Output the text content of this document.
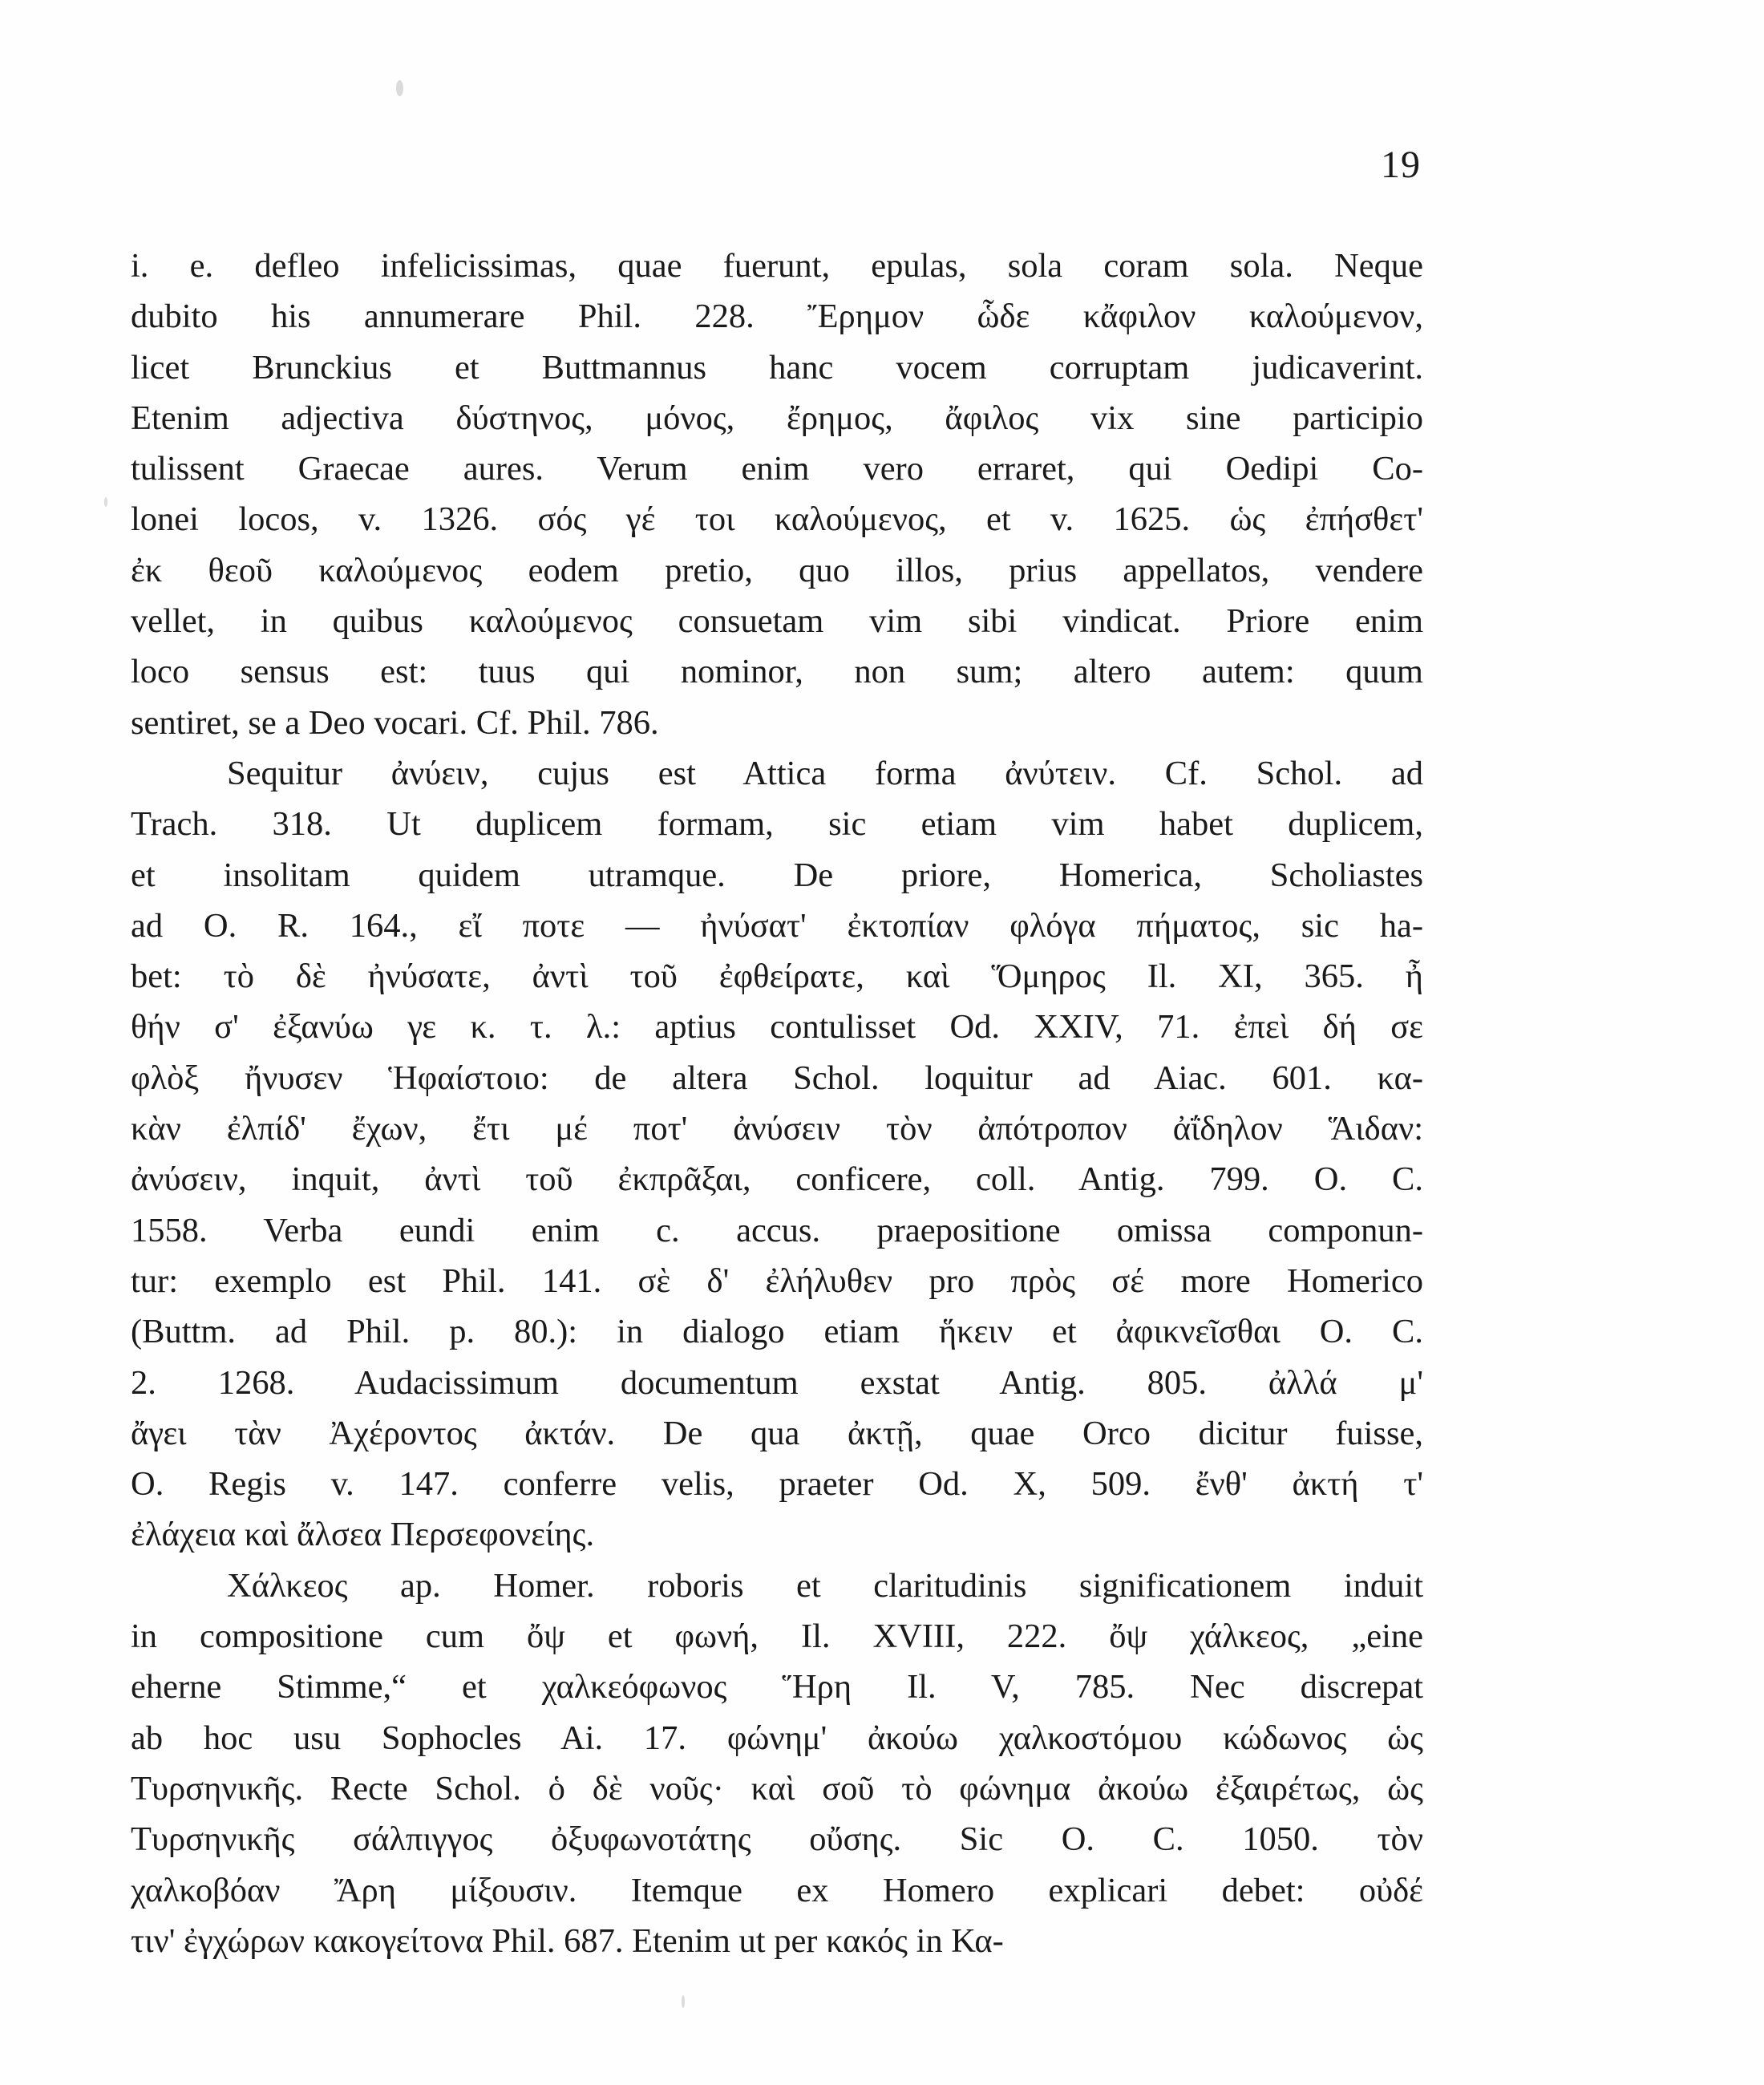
19
i. e. defleo infelicissimas, quae fuerunt, epulas, sola coram sola. Neque
dubito his annumerare Phil. 228. Ἔρημον ὧδε κἄφιλον καλούμενον,
licet Brunckius et Buttmannus hanc vocem corruptam judicaverint.
Etenim adjectiva δύστηνος, μόνος, ἔρημος, ἄφιλος vix sine participio
tulissent Graecae aures. Verum enim vero erraret, qui Oedipi Co-
lonei locos, v. 1326. σός γέ τοι καλούμενος, et v. 1625. ὡς ἐπήσθετ'
ἐκ θεοῦ καλούμενος eodem pretio, quo illos, prius appellatos, vendere
vellet, in quibus καλούμενος consuetam vim sibi vindicat. Priore enim
loco sensus est: tuus qui nominor, non sum; altero autem: quum
sentiret, se a Deo vocari. Cf. Phil. 786.
Sequitur ἀνύειν, cujus est Attica forma ἀνύτειν. Cf. Schol. ad
Trach. 318. Ut duplicem formam, sic etiam vim habet duplicem,
et insolitam quidem utramque. De priore, Homerica, Scholiastes
ad O. R. 164., εἴ ποτε — ἠνύσατ' ἐκτοπίαν φλόγα πήματος, sic ha-
bet: τὸ δὲ ἠνύσατε, ἀντὶ τοῦ ἐφθείρατε, καὶ Ὅμηρος Il. XI, 365. ἦ
θήν σ' ἐξανύω γε κ. τ. λ.: aptius contulisset Od. XXIV, 71. ἐπεὶ δή σε
φλὸξ ἤνυσεν Ἡφαίστοιο: de altera Schol. loquitur ad Aiac. 601. κα-
κὰν ἐλπίδ' ἔχων, ἔτι μέ ποτ' ἀνύσειν τὸν ἀπότροπον ἀΐδηλον Ἅιδαν:
ἀνύσειν, inquit, ἀντὶ τοῦ ἐκπρᾶξαι, conficere, coll. Antig. 799. O. C.
1558. Verba eundi enim c. accus. praepositione omissa componun-
tur: exemplo est Phil. 141. σὲ δ' ἐλήλυθεν pro πρὸς σέ more Homerico
(Buttm. ad Phil. p. 80.): in dialogo etiam ἥκειν et ἀφικνεῖσθαι O. C.
2. 1268. Audacissimum documentum exstat Antig. 805. ἀλλά μ'
ἄγει τὰν Ἀχέροντος ἀκτάν. De qua ἀκτῇ, quae Orco dicitur fuisse,
O. Regis v. 147. conferre velis, praeter Od. X, 509. ἔνθ' ἀκτή τ'
ἐλάχεια καὶ ἄλσεα Περσεφονείης.
Χάλκεος ap. Homer. roboris et claritudinis significationem induit
in compositione cum ὄψ et φωνή, Il. XVIII, 222. ὄψ χάλκεος, „eine
eherne Stimme,“ et χαλκεόφωνος Ἥρη Il. V, 785. Nec discrepat
ab hoc usu Sophocles Ai. 17. φώνημ' ἀκούω χαλκοστόμου κώδωνος ὡς
Τυρσηνικῆς. Recte Schol. ὁ δὲ νοῦς· καὶ σοῦ τὸ φώνημα ἀκούω ἐξαιρέτως, ὡς
Τυρσηνικῆς σάλπιγγος ὀξυφωνοτάτης οὔσης. Sic O. C. 1050. τὸν
χαλκοβόαν Ἄρη μίξουσιν. Itemque ex Homero explicari debet: οὐδέ
τιν' ἐγχώρων κακογείτονα Phil. 687. Etenim ut per κακός in Κα-
